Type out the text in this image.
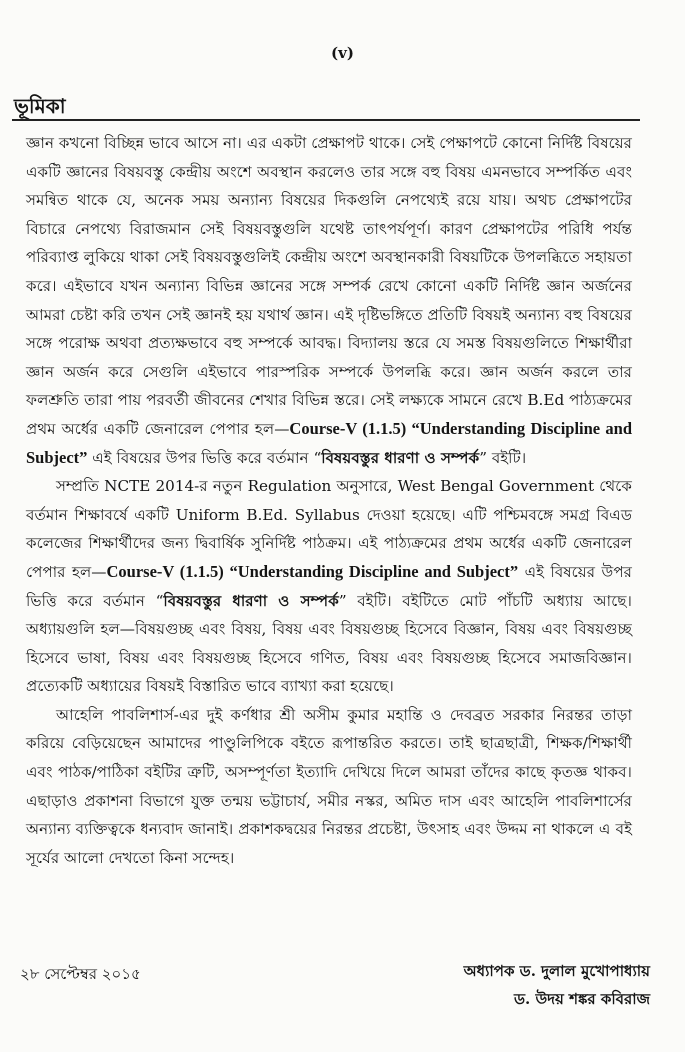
(v)
ভূমিকা

জ্ঞান কখনো বিচ্ছিন্ন ভাবে আসে না। এর একটা প্রেক্ষাপট থাকে। সেই পেক্ষাপটে কোনো নির্দিষ্ট বিষয়ের একটি জ্ঞানের বিষয়বস্তু কেন্দ্রীয় অংশে অবস্থান করলেও তার সঙ্গে বহু বিষয় এমনভাবে সম্পর্কিত এবং সমন্বিত থাকে যে, অনেক সময় অন্যান্য বিষয়ের দিকগুলি নেপথ্যেই রয়ে যায়। অথচ প্রেক্ষাপটের বিচারে নেপথ্যে বিরাজমান সেই বিষয়বস্তুগুলি যথেষ্ট তাৎপর্যপূর্ণ। কারণ প্রেক্ষাপটের পরিধি পর্যন্ত পরিব্যাপ্ত লুকিয়ে থাকা সেই বিষয়বস্তুগুলিই কেন্দ্রীয় অংশে অবস্থানকারী বিষয়টিকে উপলব্ধিতে সহায়তা করে। এইভাবে যখন অন্যান্য বিভিন্ন জ্ঞানের সঙ্গে সম্পর্ক রেখে কোনো একটি নির্দিষ্ট জ্ঞান অর্জনের আমরা চেষ্টা করি তখন সেই জ্ঞানই হয় যথার্থ জ্ঞান। এই দৃষ্টিভঙ্গিতে প্রতিটি বিষয়ই অন্যান্য বহু বিষয়ের সঙ্গে পরোক্ষ অথবা প্রত্যক্ষভাবে বহু সম্পর্কে আবদ্ধ। বিদ্যালয় স্তরে যে সমস্ত বিষয়গুলিতে শিক্ষার্থীরা জ্ঞান অর্জন করে সেগুলি এইভাবে পারস্পরিক সম্পর্কে উপলব্ধি করে। জ্ঞান অর্জন করলে তার ফলশ্রুতি তারা পায় পরবর্তী জীবনের শেখার বিভিন্ন স্তরে। সেই লক্ষ্যকে সামনে রেখে B.Ed পাঠ্যক্রমের প্রথম অর্ধের একটি জেনারেল পেপার হল—Course-V (1.1.5) “Understanding Discipline and Subject” এই বিষয়ের উপর ভিত্তি করে বর্তমান “বিষয়বস্তুর ধারণা ও সম্পর্ক” বইটি।

সম্প্রতি NCTE 2014-র নতুন Regulation অনুসারে, West Bengal Government থেকে বর্তমান শিক্ষাবর্ষে একটি Uniform B.Ed. Syllabus দেওয়া হয়েছে। এটি পশ্চিমবঙ্গে সমগ্র বিএড কলেজের শিক্ষার্থীদের জন্য দ্বিবার্ষিক সুনির্দিষ্ট পাঠক্রম। এই পাঠ্যক্রমের প্রথম অর্ধের একটি জেনারেল পেপার হল—Course-V (1.1.5) “Understanding Discipline and Subject” এই বিষয়ের উপর ভিত্তি করে বর্তমান “বিষয়বস্তুর ধারণা ও সম্পর্ক” বইটি। বইটিতে মোট পাঁচটি অধ্যায় আছে। অধ্যায়গুলি হল—বিষয়গুচ্ছ এবং বিষয়, বিষয় এবং বিষয়গুচ্ছ হিসেবে বিজ্ঞান, বিষয় এবং বিষয়গুচ্ছ হিসেবে ভাষা, বিষয় এবং বিষয়গুচ্ছ হিসেবে গণিত, বিষয় এবং বিষয়গুচ্ছ হিসেবে সমাজবিজ্ঞান। প্রত্যেকটি অধ্যায়ের বিষয়ই বিস্তারিত ভাবে ব্যাখ্যা করা হয়েছে।

আহেলি পাবলিশার্স-এর দুই কর্ণধার শ্রী অসীম কুমার মহান্তি ও দেবব্রত সরকার নিরন্তর তাড়া করিয়ে বেড়িয়েছেন আমাদের পাণ্ডুলিপিকে বইতে রূপান্তরিত করতে। তাই ছাত্রছাত্রী, শিক্ষক/শিক্ষার্থী এবং পাঠক/পাঠিকা বইটির ত্রুটি, অসম্পূর্ণতা ইত্যাদি দেখিয়ে দিলে আমরা তাঁদের কাছে কৃতজ্ঞ থাকব। এছাড়াও প্রকাশনা বিভাগে যুক্ত তন্ময় ভট্টাচার্য, সমীর নস্কর, অমিত দাস এবং আহেলি পাবলিশার্সের অন্যান্য ব্যক্তিত্বকে ধন্যবাদ জানাই। প্রকাশকদ্বয়ের নিরন্তর প্রচেষ্টা, উৎসাহ এবং উদ্দম না থাকলে এ বই সূর্যের আলো দেখতো কিনা সন্দেহ।

২৮ সেপ্টেম্বর ২০১৫	অধ্যাপক ড. দুলাল মুখোপাধ্যায়
ড. উদয় শঙ্কর কবিরাজ
